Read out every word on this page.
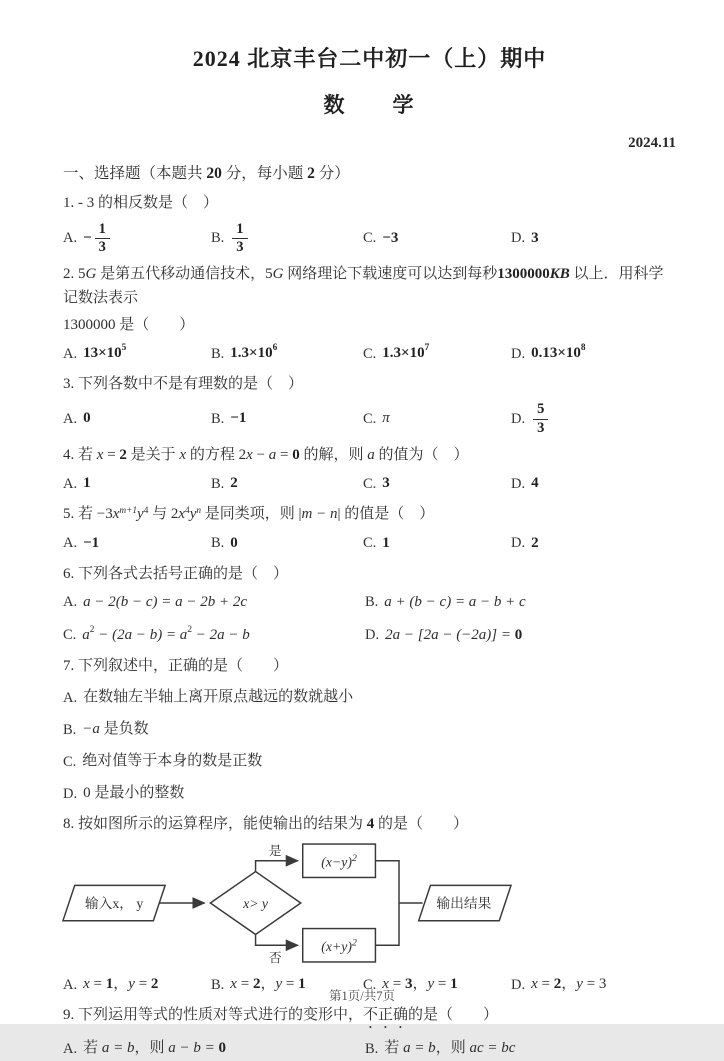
2024 北京丰台二中初一（上）期中
数　　学
2024.11
一、选择题（本题共 20 分，每小题 2 分）

1. - 3 的相反数是（　）

A. − $\frac{1}{3}$	B. $\frac{1}{3}$	C. −3	D. 3

2. 5G 是第五代移动通信技术，5G 网络理论下载速度可以达到每秒1300000KB 以上．用科学记数法表示

1300000 是（　　）

A. 13×10 5	B. 1.3×10 6	C. 1.3×10 7	D. 0.13×10 8

3. 下列各数中不是有理数的是（　）

A. 0	B. −1	C. π	D. $\frac{5}{3}$

4. 若 x = 2 是关于 x 的方程 2x − a = 0 的解，则 a 的值为（　）

A. 1	B. 2	C. 3	D. 4

5. 若 $-3x^{m+1}y^4$ 与 $2x^4y^n$ 是同类项，则 |m − n| 的值是（　）

A. −1	B. 0	C. 1	D. 2

6. 下列各式去括号正确的是（　）

A. a − 2(b − c) = a − 2b + 2c	B. a + (b − c) = a − b + c
C. a 2 − (2a − b) = a 2 − 2a − b	D. 2a − [2a − (−2a)] = 0

7. 下列叙述中，正确的是（　　）

A. 在数轴左半轴上离开原点越远的数就越小
B. −a 是负数
C. 绝对值等于本身的数是正数
D. 0 是最小的整数

8. 按如图所示的运算程序，能使输出的结果为 4 的是（　　）

输入x， y	x> y
是
否
$(x-y)^2$
$(x+y)^2$
输出结果
A. x = 1 ， y = 2	B. x = 2 ， y = 1	C. x = 3 ， y = 1	D. x = 2 ， y = 3

9. 下列运用等式的性质对等式进行的变形中，不正确的是（　　）

A. 若 a = b ，则 a − b = 0	B. 若 a = b ，则 ac = bc
第1页/共7页
